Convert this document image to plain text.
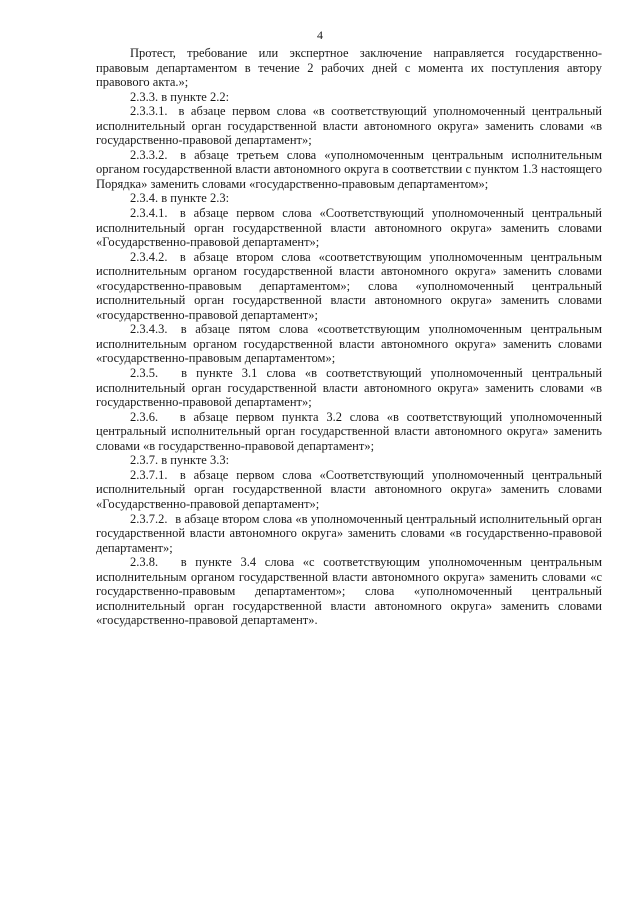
4

Протест, требование или экспертное заключение направляется государственно-правовым департаментом в течение 2 рабочих дней с момента их поступления автору правового акта.»;

2.3.3. в пункте 2.2:

2.3.3.1. в абзаце первом слова «в соответствующий уполномоченный центральный исполнительный орган государственной власти автономного округа» заменить словами «в государственно-правовой департамент»;

2.3.3.2. в абзаце третьем слова «уполномоченным центральным исполнительным органом государственной власти автономного округа в соответствии с пунктом 1.3 настоящего Порядка» заменить словами «государственно-правовым департаментом»;

2.3.4. в пункте 2.3:

2.3.4.1. в абзаце первом слова «Соответствующий уполномоченный центральный исполнительный орган государственной власти автономного округа» заменить словами «Государственно-правовой департамент»;

2.3.4.2. в абзаце втором слова «соответствующим уполномоченным центральным исполнительным органом государственной власти автономного округа» заменить словами «государственно-правовым департаментом»; слова «уполномоченный центральный исполнительный орган государственной власти автономного округа» заменить словами «государственно-правовой департамент»;

2.3.4.3. в абзаце пятом слова «соответствующим уполномоченным центральным исполнительным органом государственной власти автономного округа» заменить словами «государственно-правовым департаментом»;

2.3.5. в пункте 3.1 слова «в соответствующий уполномоченный центральный исполнительный орган государственной власти автономного округа» заменить словами «в государственно-правовой департамент»;

2.3.6. в абзаце первом пункта 3.2 слова «в соответствующий уполномоченный центральный исполнительный орган государственной власти автономного округа» заменить словами «в государственно-правовой департамент»;

2.3.7. в пункте 3.3:

2.3.7.1. в абзаце первом слова «Соответствующий уполномоченный центральный исполнительный орган государственной власти автономного округа» заменить словами «Государственно-правовой департамент»;

2.3.7.2. в абзаце втором слова «в уполномоченный центральный исполнительный орган государственной власти автономного округа» заменить словами «в государственно-правовой департамент»;

2.3.8. в пункте 3.4 слова «с соответствующим уполномоченным центральным исполнительным органом государственной власти автономного округа» заменить словами «с государственно-правовым департаментом»; слова «уполномоченный центральный исполнительный орган государственной власти автономного округа» заменить словами «государственно-правовой департамент».
